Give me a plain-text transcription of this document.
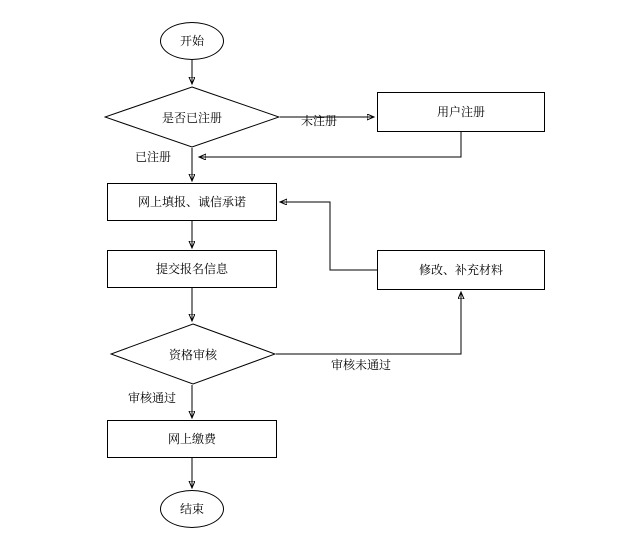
开始
是否已注册	用户注册
网上填报、诚信承诺
提交报名信息	修改、补充材料
资格审核
网上缴费
结束
未注册
已注册
审核未通过
审核通过
